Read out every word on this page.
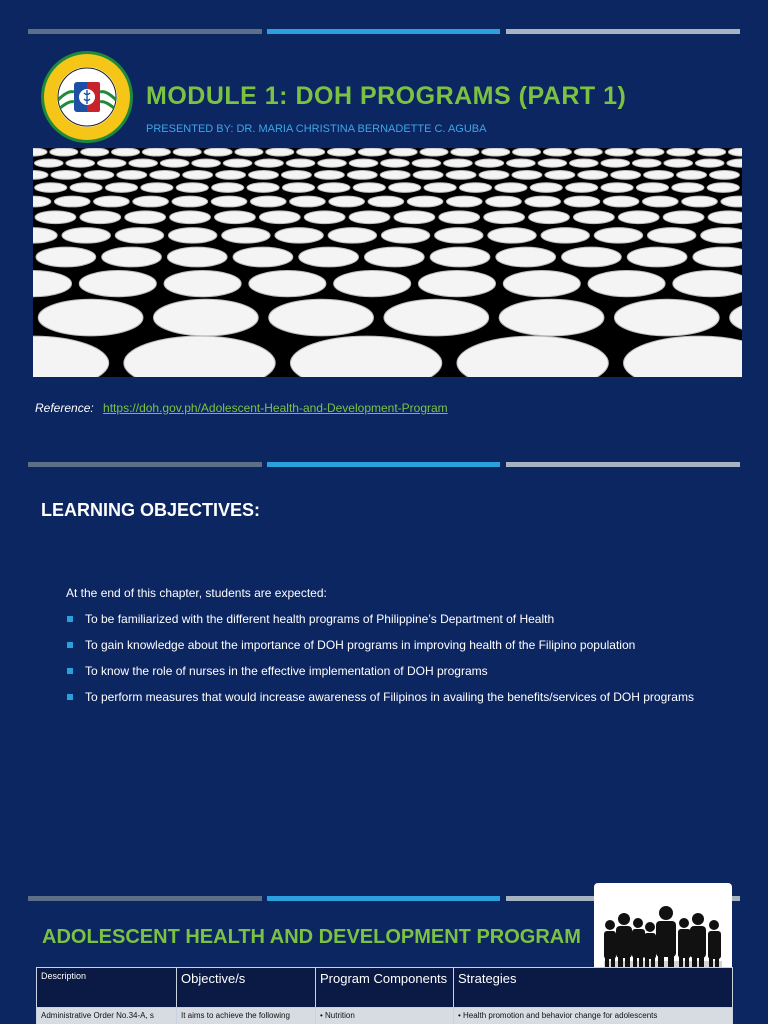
MODULE 1: DOH PROGRAMS (PART 1)
PRESENTED BY: DR. MARIA CHRISTINA BERNADETTE C. AGUBA
Reference: https://doh.gov.ph/Adolescent-Health-and-Development-Program
LEARNING OBJECTIVES:
At the end of this chapter, students are expected:
To be familiarized with the different health programs of Philippine’s Department of Health
To gain knowledge about the importance of DOH programs in improving health of the Filipino population
To know the role of nurses in the effective implementation of DOH programs
To perform measures that would increase awareness of Filipinos in availing the benefits/services of DOH programs
ADOLESCENT HEALTH AND DEVELOPMENT PROGRAM
Description	Objective/s	Program Components	Strategies
Administrative Order No.34-A, s	It aims to achieve the following	• Nutrition	• Health promotion and behavior change for adolescents
